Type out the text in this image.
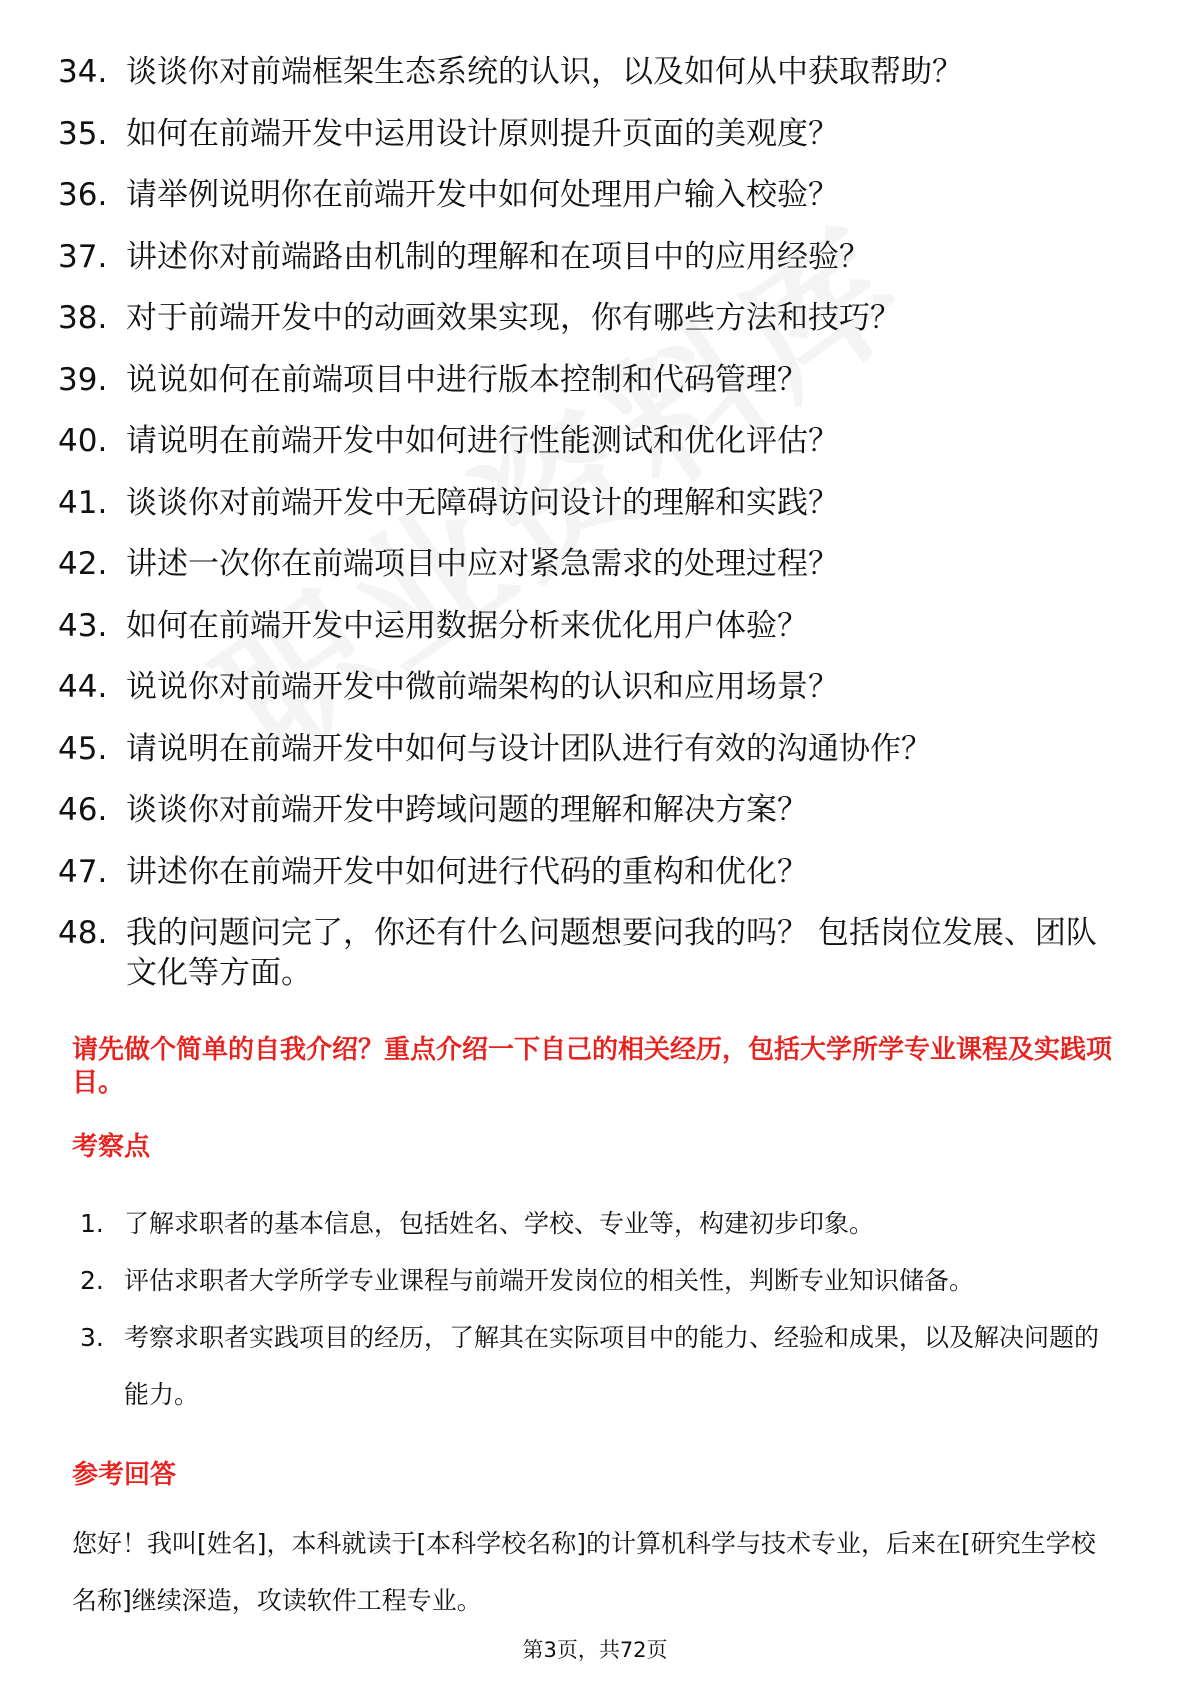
34. 谈谈你对前端框架生态系统的认识，以及如何从中获取帮助？
35. 如何在前端开发中运用设计原则提升页面的美观度？
36. 请举例说明你在前端开发中如何处理用户输入校验？
37. 讲述你对前端路由机制的理解和在项目中的应用经验？
38. 对于前端开发中的动画效果实现，你有哪些方法和技巧？
39. 说说如何在前端项目中进行版本控制和代码管理？
40. 请说明在前端开发中如何进行性能测试和优化评估？
41. 谈谈你对前端开发中无障碍访问设计的理解和实践？
42. 讲述一次你在前端项目中应对紧急需求的处理过程？
43. 如何在前端开发中运用数据分析来优化用户体验？
44. 说说你对前端开发中微前端架构的认识和应用场景？
45. 请说明在前端开发中如何与设计团队进行有效的沟通协作？
46. 谈谈你对前端开发中跨域问题的理解和解决方案？
47. 讲述你在前端开发中如何进行代码的重构和优化？
48. 我的问题问完了，你还有什么问题想要问我的吗？ 包括岗位发展、团队文化等方面。
请先做个简单的自我介绍？重点介绍一下自己的相关经历，包括大学所学专业课程及实践项目。
考察点
1. 了解求职者的基本信息，包括姓名、学校、专业等，构建初步印象。
2. 评估求职者大学所学专业课程与前端开发岗位的相关性，判断专业知识储备。
3. 考察求职者实践项目的经历，了解其在实际项目中的能力、经验和成果，以及解决问题的能力。
参考回答
您好！我叫[姓名]，本科就读于[本科学校名称]的计算机科学与技术专业，后来在[研究生学校名称]继续深造，攻读软件工程专业。
第3页，共72页
